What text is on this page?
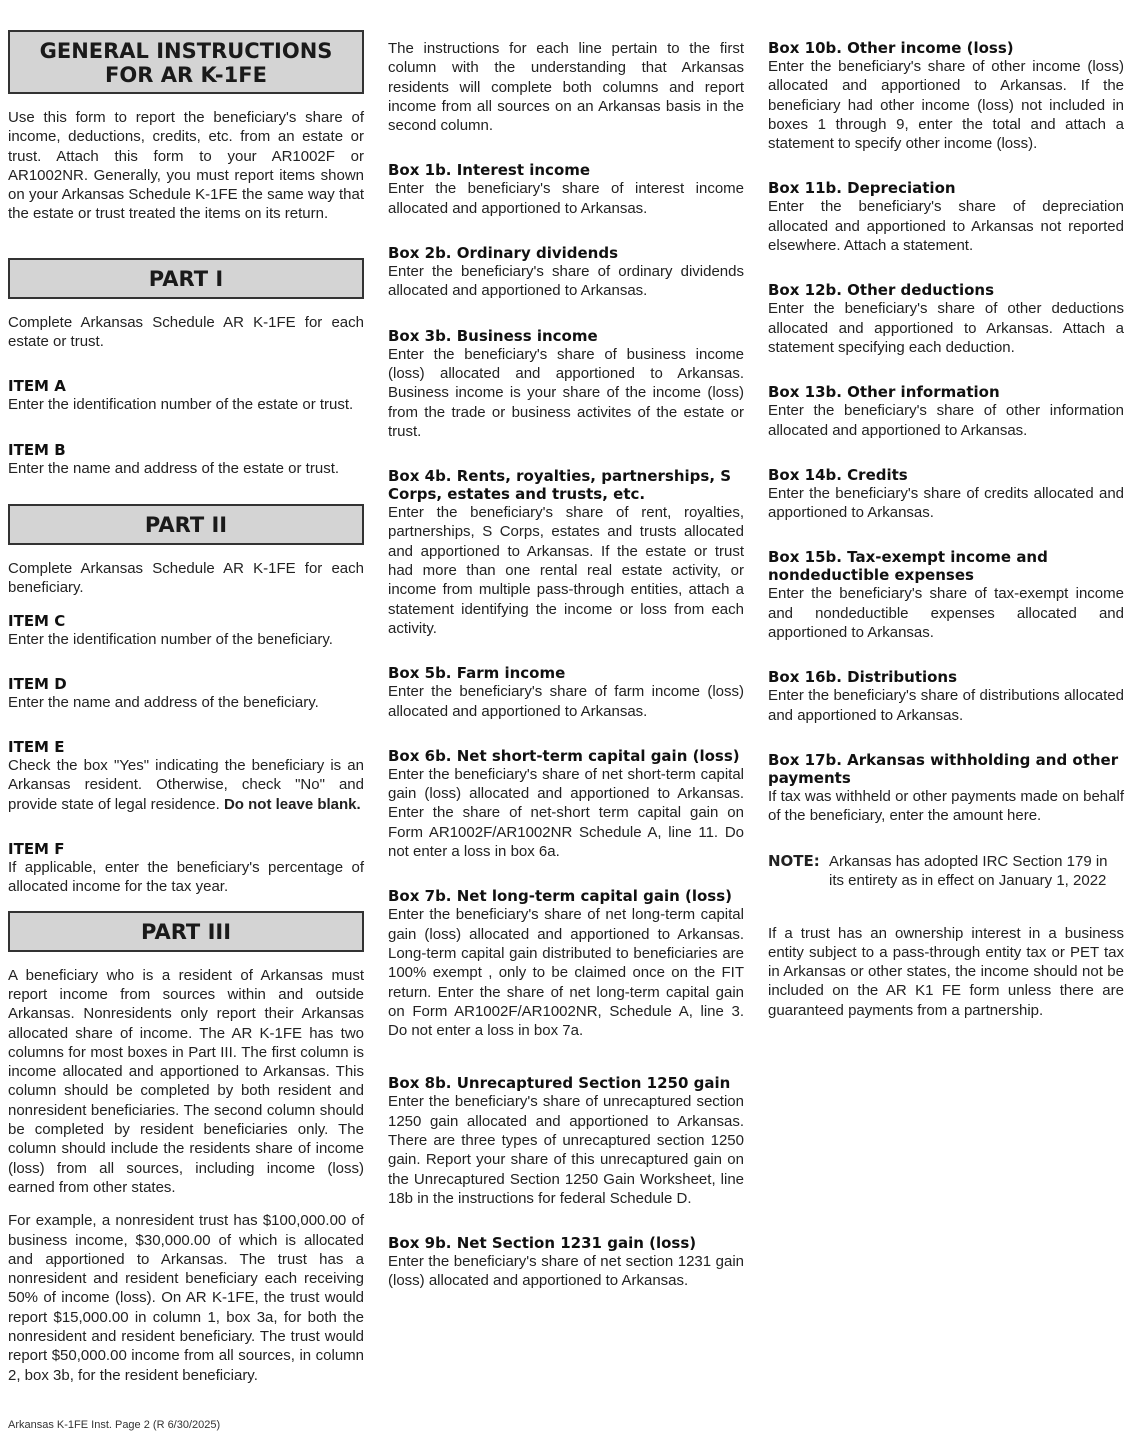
GENERAL INSTRUCTIONS
FOR AR K-1FE

Use this form to report the beneficiary's share of income, deductions, credits, etc. from an estate or trust. Attach this form to your AR1002F or AR1002NR. Generally, you must report items shown on your Arkansas Schedule K-1FE the same way that the estate or trust treated the items on its return.

PART I

Complete Arkansas Schedule AR K-1FE for each estate or trust.

ITEM A

Enter the identification number of the estate or trust.

ITEM B

Enter the name and address of the estate or trust.

PART II

Complete Arkansas Schedule AR K-1FE for each beneficiary.

ITEM C

Enter the identification number of the beneficiary.

ITEM D

Enter the name and address of the beneficiary.

ITEM E

Check the box "Yes" indicating the beneficiary is an Arkansas resident. Otherwise, check "No" and provide state of legal residence. Do not leave blank.

ITEM F

If applicable, enter the beneficiary's percentage of allocated income for the tax year.

PART III

A beneficiary who is a resident of Arkansas must report income from sources within and outside Arkansas. Nonresidents only report their Arkansas allocated share of income. The AR K-1FE has two columns for most boxes in Part III. The first column is income allocated and apportioned to Arkansas. This column should be completed by both resident and nonresident beneficiaries. The second column should be completed by resident beneficiaries only. The column should include the residents share of income (loss) from all sources, including income (loss) earned from other states.

For example, a nonresident trust has $100,000.00 of business income, $30,000.00 of which is allocated and apportioned to Arkansas. The trust has a nonresident and resident beneficiary each receiving 50% of income (loss). On AR K-1FE, the trust would report $15,000.00 in column 1, box 3a, for both the nonresident and resident beneficiary. The trust would report $50,000.00 income from all sources, in column 2, box 3b, for the resident beneficiary.

The instructions for each line pertain to the first column with the understanding that Arkansas residents will complete both columns and report income from all sources on an Arkansas basis in the second column.

Box 1b. Interest income

Enter the beneficiary's share of interest income allocated and apportioned to Arkansas.

Box 2b. Ordinary dividends

Enter the beneficiary's share of ordinary dividends allocated and apportioned to Arkansas.

Box 3b. Business income

Enter the beneficiary's share of business income (loss) allocated and apportioned to Arkansas. Business income is your share of the income (loss) from the trade or business activites of the estate or trust.

Box 4b. Rents, royalties, partnerships, S Corps, estates and trusts, etc.

Enter the beneficiary's share of rent, royalties, partnerships, S Corps, estates and trusts allocated and apportioned to Arkansas. If the estate or trust had more than one rental real estate activity, or income from multiple pass-through entities, attach a statement identifying the income or loss from each activity.

Box 5b. Farm income

Enter the beneficiary's share of farm income (loss) allocated and apportioned to Arkansas.

Box 6b. Net short-term capital gain (loss)

Enter the beneficiary's share of net short-term capital gain (loss) allocated and apportioned to Arkansas. Enter the share of net-short term capital gain on Form AR1002F/AR1002NR Schedule A, line 11. Do not enter a loss in box 6a.

Box 7b. Net long-term capital gain (loss)

Enter the beneficiary's share of net long-term capital gain (loss) allocated and apportioned to Arkansas. Long-term capital gain distributed to beneficiaries are 100% exempt , only to be claimed once on the FIT return. Enter the share of net long-term capital gain on Form AR1002F/AR1002NR, Schedule A, line 3. Do not enter a loss in box 7a.

Box 8b. Unrecaptured Section 1250 gain

Enter the beneficiary's share of unrecaptured section 1250 gain allocated and apportioned to Arkansas. There are three types of unrecaptured section 1250 gain. Report your share of this unrecaptured gain on the Unrecaptured Section 1250 Gain Worksheet, line 18b in the instructions for federal Schedule D.

Box 9b. Net Section 1231 gain (loss)

Enter the beneficiary's share of net section 1231 gain (loss) allocated and apportioned to Arkansas.

Box 10b. Other income (loss)

Enter the beneficiary's share of other income (loss) allocated and apportioned to Arkansas. If the beneficiary had other income (loss) not included in boxes 1 through 9, enter the total and attach a statement to specify other income (loss).

Box 11b. Depreciation

Enter the beneficiary's share of depreciation allocated and apportioned to Arkansas not reported elsewhere. Attach a statement.

Box 12b. Other deductions

Enter the beneficiary's share of other deductions allocated and apportioned to Arkansas. Attach a statement specifying each deduction.

Box 13b. Other information

Enter the beneficiary's share of other information allocated and apportioned to Arkansas.

Box 14b. Credits

Enter the beneficiary's share of credits allocated and apportioned to Arkansas.

Box 15b. Tax-exempt income and nondeductible expenses

Enter the beneficiary's share of tax-exempt income and nondeductible expenses allocated and apportioned to Arkansas.

Box 16b. Distributions

Enter the beneficiary's share of distributions allocated and apportioned to Arkansas.

Box 17b. Arkansas withholding and other payments

If tax was withheld or other payments made on behalf of the beneficiary, enter the amount here.

NOTE: Arkansas has adopted IRC Section 179 in its entirety as in effect on January 1, 2022

If a trust has an ownership interest in a business entity subject to a pass-through entity tax or PET tax in Arkansas or other states, the income should not be included on the AR K1 FE form unless there are guaranteed payments from a partnership.

Arkansas K-1FE Inst. Page 2 (R 6/30/2025)
